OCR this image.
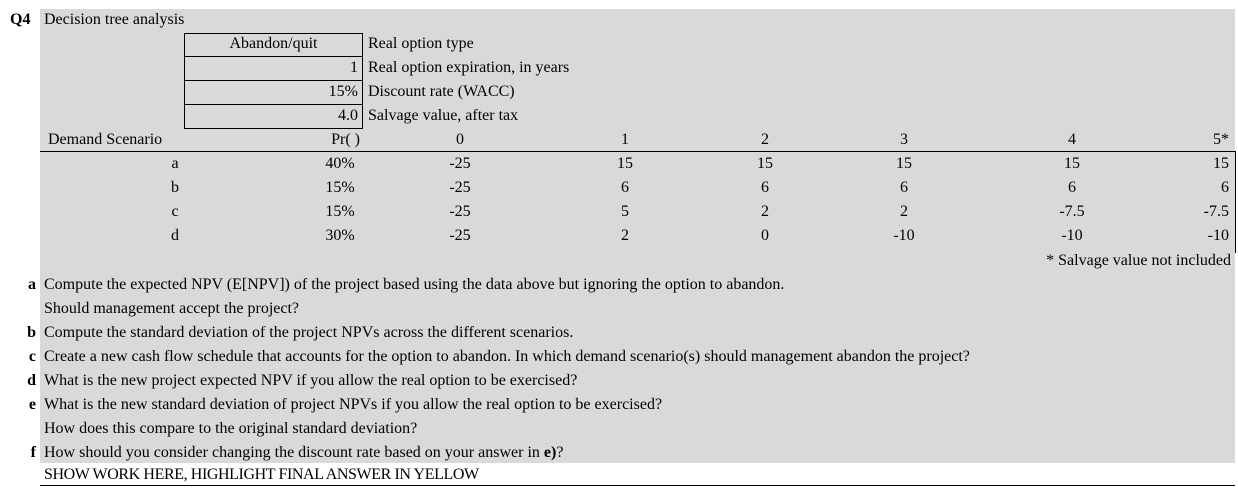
Q4 Decision tree analysis
Abandon/quit	Real option type
1 Real option expiration, in years
15% Discount rate (WACC)
4.0 Salvage value, after tax
Demand Scenario	Pr( )	0	1	2	3	4	5*
a	40%	-25	15	15	15	15	15
b	15%	-25	6	6	6	6	6
c	15%	-25	5	2	2	-7.5	-7.5
d	30%	-25	2	0	-10	-10	-10
* Salvage value not included
a Compute the expected NPV (E[NPV]) of the project based using the data above but ignoring the option to abandon.
Should management accept the project?
b Compute the standard deviation of the project NPVs across the different scenarios.
c Create a new cash flow schedule that accounts for the option to abandon. In which demand scenario(s) should management abandon the project?
d What is the new project expected NPV if you allow the real option to be exercised?
e What is the new standard deviation of project NPVs if you allow the real option to be exercised?
How does this compare to the original standard deviation?
f How should you consider changing the discount rate based on your answer in e)?
SHOW WORK HERE, HIGHLIGHT FINAL ANSWER IN YELLOW
